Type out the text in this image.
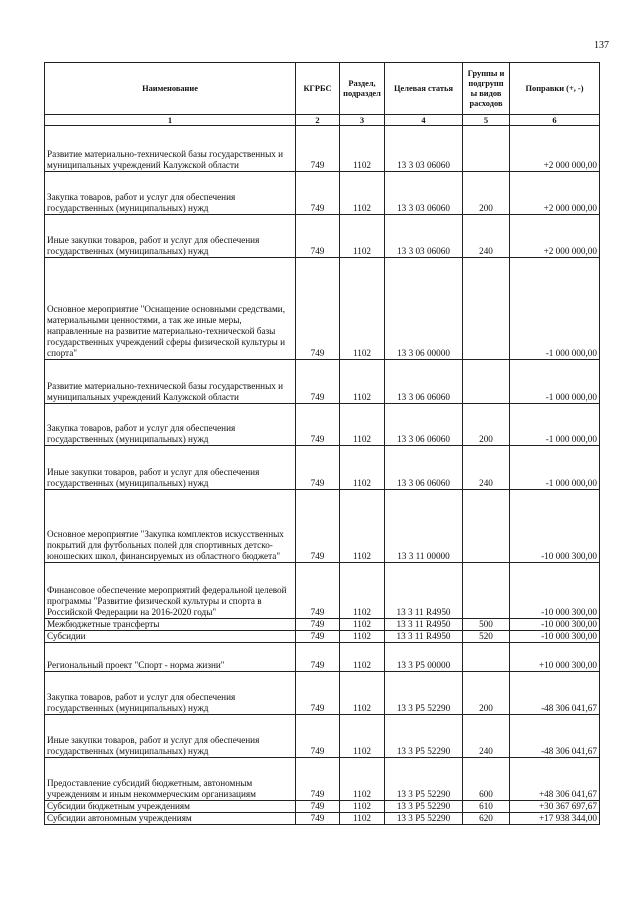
137
Наименование	КГРБС	Раздел, подраздел	Целевая статья	Группы и подгрупп ы видов расходов	Поправки (+, -)
1	2	3	4	5	6
Развитие материально-технической базы государственных и муниципальных учреждений Калужской области	749	1102	13 3 03 06060		+2 000 000,00
Закупка товаров, работ и услуг для обеспечения государственных (муниципальных) нужд	749	1102	13 3 03 06060	200	+2 000 000,00
Иные закупки товаров, работ и услуг для обеспечения государственных (муниципальных) нужд	749	1102	13 3 03 06060	240	+2 000 000,00
Основное мероприятие "Оснащение основными средствами, материальными ценностями, а так же иные меры, направленные на развитие материально-технической базы государственных учреждений сферы физической культуры и спорта"	749	1102	13 3 06 00000		-1 000 000,00
Развитие материально-технической базы государственных и муниципальных учреждений Калужской области	749	1102	13 3 06 06060		-1 000 000,00
Закупка товаров, работ и услуг для обеспечения государственных (муниципальных) нужд	749	1102	13 3 06 06060	200	-1 000 000,00
Иные закупки товаров, работ и услуг для обеспечения государственных (муниципальных) нужд	749	1102	13 3 06 06060	240	-1 000 000,00
Основное мероприятие "Закупка комплектов искусственных покрытий для футбольных полей для спортивных детско-юношеских школ, финансируемых из областного бюджета"	749	1102	13 3 11 00000		-10 000 300,00
Финансовое обеспечение мероприятий федеральной целевой программы "Развитие физической культуры и спорта в Российской Федерации на 2016-2020 годы"	749	1102	13 3 11 R4950		-10 000 300,00
Межбюджетные трансферты	749	1102	13 3 11 R4950	500	-10 000 300,00
Субсидии	749	1102	13 3 11 R4950	520	-10 000 300,00
Региональный проект "Спорт - норма жизни"	749	1102	13 3 P5 00000		+10 000 300,00
Закупка товаров, работ и услуг для обеспечения государственных (муниципальных) нужд	749	1102	13 3 P5 52290	200	-48 306 041,67
Иные закупки товаров, работ и услуг для обеспечения государственных (муниципальных) нужд	749	1102	13 3 P5 52290	240	-48 306 041,67
Предоставление субсидий бюджетным, автономным учреждениям и иным некоммерческим организациям	749	1102	13 3 P5 52290	600	+48 306 041,67
Субсидии бюджетным учреждениям	749	1102	13 3 P5 52290	610	+30 367 697,67
Субсидии автономным учреждениям	749	1102	13 3 P5 52290	620	+17 938 344,00
